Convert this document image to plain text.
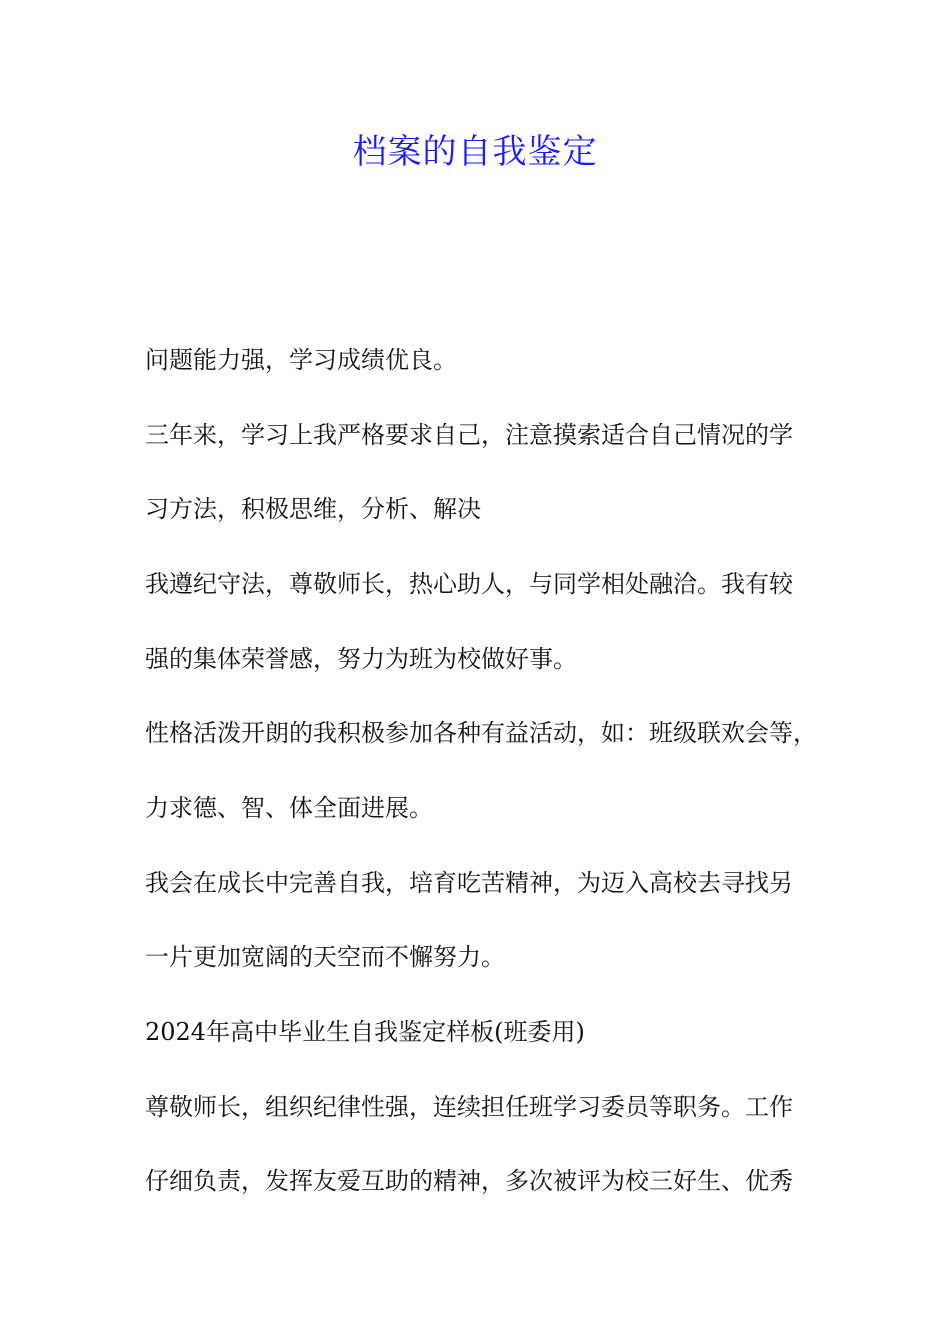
档案的自我鉴定
问题能力强，学习成绩优良。
三年来，学习上我严格要求自己，注意摸索适合自己情况的学
习方法，积极思维，分析、解决
我遵纪守法，尊敬师长，热心助人，与同学相处融洽。我有较
强的集体荣誉感，努力为班为校做好事。
性格活泼开朗的我积极参加各种有益活动，如：班级联欢会等，
力求德、智、体全面进展。
我会在成长中完善自我，培育吃苦精神，为迈入高校去寻找另
一片更加宽阔的天空而不懈努力。
2024年高中毕业生自我鉴定样板(班委用)
尊敬师长，组织纪律性强，连续担任班学习委员等职务。工作
仔细负责，发挥友爱互助的精神，多次被评为校三好生、优秀
